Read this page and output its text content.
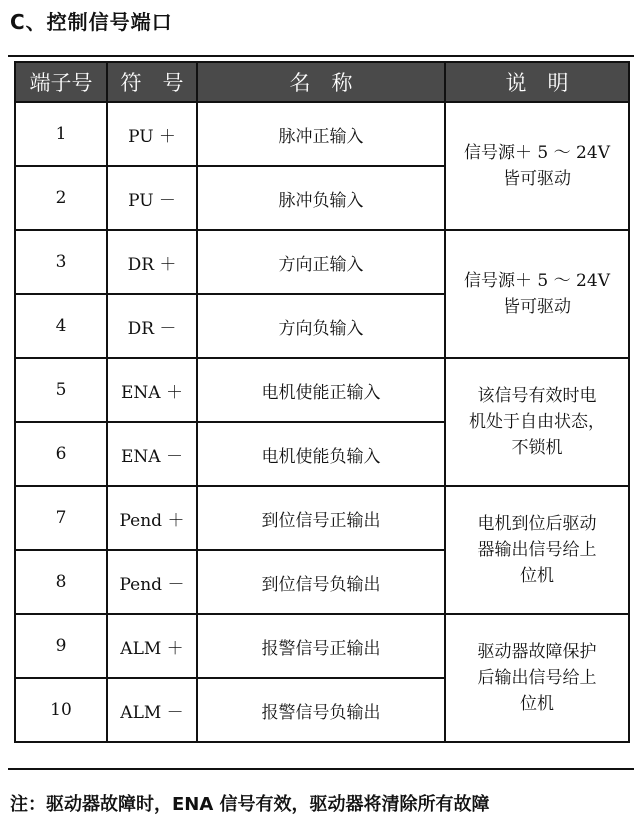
C、控制信号端口
端子号	符　号	名　称	说　明
1	PU ＋	脉冲正输入	信号源＋ 5 ～ 24V
皆可驱动

2	PU －	脉冲负输入	
3	DR ＋	方向正输入	信号源＋ 5 ～ 24V
皆可驱动

4	DR －	方向负输入	
5	ENA ＋	电机使能正输入	该信号有效时电
机处于自由状态，
不锁机

6	ENA －	电机使能负输入	
7	Pend ＋	到位信号正输出	电机到位后驱动
器输出信号给上
位机

8	Pend －	到位信号负输出	
9	ALM ＋	报警信号正输出	驱动器故障保护
后输出信号给上
位机

10	ALM －	报警信号负输出	
注：驱动器故障时，ENA 信号有效，驱动器将清除所有故障
